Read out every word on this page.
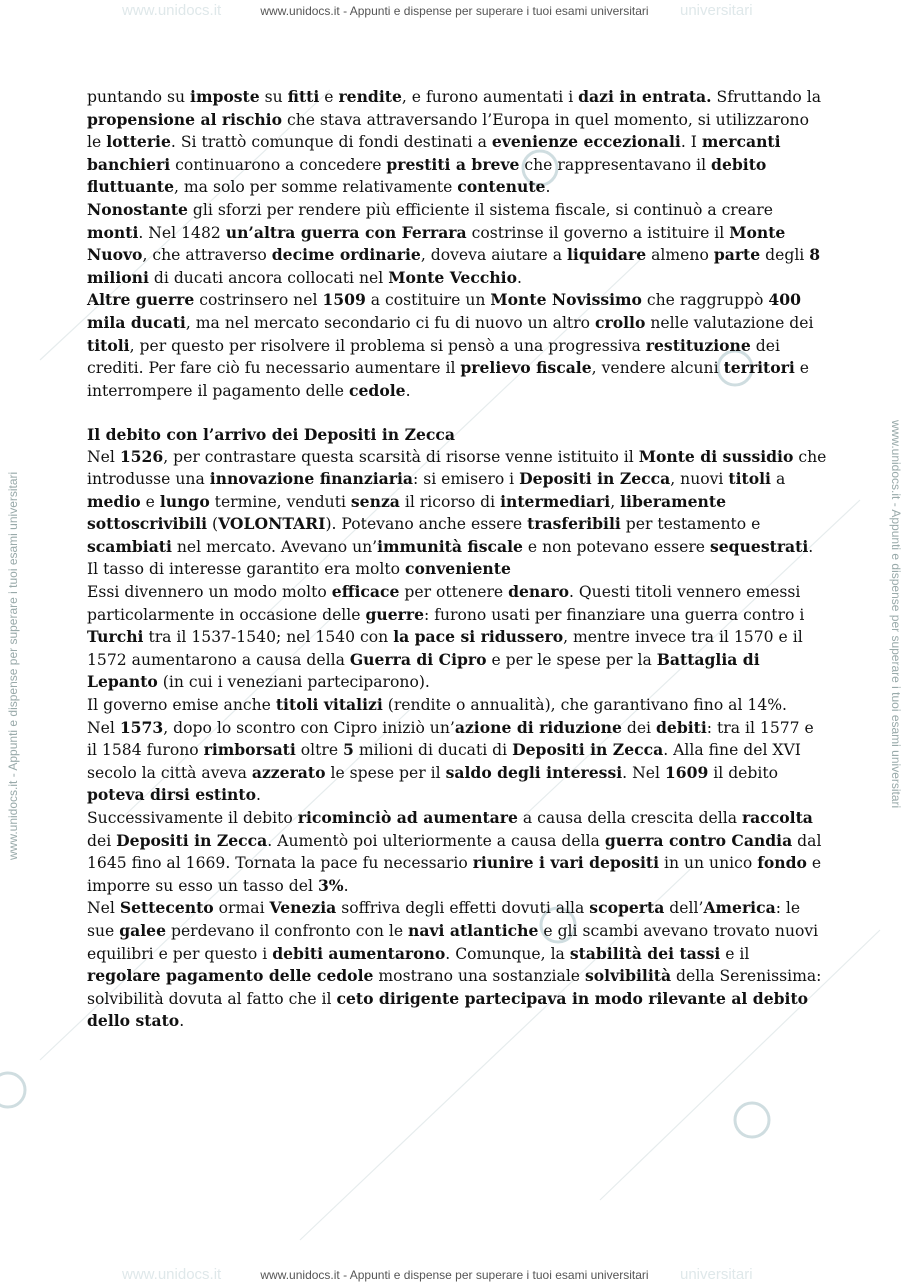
www.unidocs.it - Appunti e dispense per superare i tuoi esami universitari
www.unidocs.it - Appunti e dispense per superare i tuoi esami universitari
www.unidocs.it	universitari
www.unidocs.it	universitari
www.unidocs.it - Appunti e dispense per superare i tuoi esami universitari	www.unidocs.it - Appunti e dispense per superare i tuoi esami universitari

puntando su imposte su fitti e rendite, e furono aumentati i dazi in entrata. Sfruttando la propensione al rischio che stava attraversando l’Europa in quel momento, si utilizzarono le lotterie. Si trattò comunque di fondi destinati a evenienze eccezionali. I mercanti banchieri continuarono a concedere prestiti a breve che rappresentavano il debito fluttuante, ma solo per somme relativamente contenute.

Nonostante gli sforzi per rendere più efficiente il sistema fiscale, si continuò a creare monti. Nel 1482 un’altra guerra con Ferrara costrinse il governo a istituire il Monte Nuovo, che attraverso decime ordinarie, doveva aiutare a liquidare almeno parte degli 8 milioni di ducati ancora collocati nel Monte Vecchio.

Altre guerre costrinsero nel 1509 a costituire un Monte Novissimo che raggruppò 400 mila ducati, ma nel mercato secondario ci fu di nuovo un altro crollo nelle valutazione dei titoli, per questo per risolvere il problema si pensò a una progressiva restituzione dei crediti. Per fare ciò fu necessario aumentare il prelievo fiscale, vendere alcuni territori e interrompere il pagamento delle cedole.

Il debito con l’arrivo dei Depositi in Zecca

Nel 1526, per contrastare questa scarsità di risorse venne istituito il Monte di sussidio che introdusse una innovazione finanziaria: si emisero i Depositi in Zecca, nuovi titoli a medio e lungo termine, venduti senza il ricorso di intermediari, liberamente sottoscrivibili (VOLONTARI). Potevano anche essere trasferibili per testamento e scambiati nel mercato. Avevano un’immunità fiscale e non potevano essere sequestrati. Il tasso di interesse garantito era molto conveniente

Essi divennero un modo molto efficace per ottenere denaro. Questi titoli vennero emessi particolarmente in occasione delle guerre: furono usati per finanziare una guerra contro i Turchi tra il 1537-1540; nel 1540 con la pace si ridussero, mentre invece tra il 1570 e il 1572 aumentarono a causa della Guerra di Cipro e per le spese per la Battaglia di Lepanto (in cui i veneziani parteciparono).

Il governo emise anche titoli vitalizi (rendite o annualità), che garantivano fino al 14%.

Nel 1573, dopo lo scontro con Cipro iniziò un’azione di riduzione dei debiti: tra il 1577 e il 1584 furono rimborsati oltre 5 milioni di ducati di Depositi in Zecca. Alla fine del XVI secolo la città aveva azzerato le spese per il saldo degli interessi. Nel 1609 il debito poteva dirsi estinto.

Successivamente il debito ricominciò ad aumentare a causa della crescita della raccolta dei Depositi in Zecca. Aumentò poi ulteriormente a causa della guerra contro Candia dal 1645 fino al 1669. Tornata la pace fu necessario riunire i vari depositi in un unico fondo e imporre su esso un tasso del 3%.

Nel Settecento ormai Venezia soffriva degli effetti dovuti alla scoperta dell’America: le sue galee perdevano il confronto con le navi atlantiche e gli scambi avevano trovato nuovi equilibri e per questo i debiti aumentarono. Comunque, la stabilità dei tassi e il regolare pagamento delle cedole mostrano una sostanziale solvibilità della Serenissima: solvibilità dovuta al fatto che il ceto dirigente partecipava in modo rilevante al debito dello stato.
